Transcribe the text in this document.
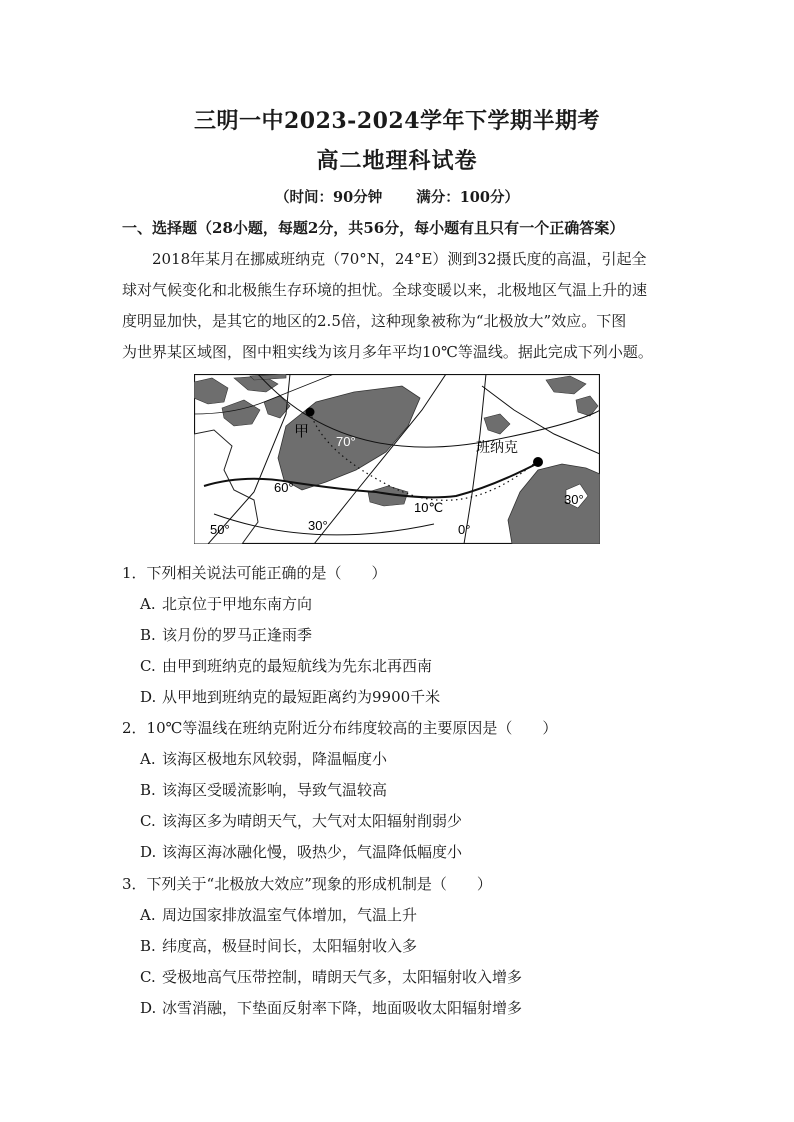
三明一中2023-2024学年下学期半期考
高二地理科试卷
（时间：90分钟 满分：100分）
一、选择题（28小题，每题2分，共56分，每小题有且只有一个正确答案）
2018年某月在挪威班纳克（70°N，24°E）测到32摄氏度的高温，引起全
球对气候变化和北极熊生存环境的担忧。全球变暖以来，北极地区气温上升的速
度明显加快，是其它的地区的2.5倍，这种现象被称为“北极放大”效应。下图
为世界某区域图，图中粗实线为该月多年平均10℃等温线。据此完成下列小题。
甲
70°	班纳克
60°
10℃
30°
50°	30°	0°
1．下列相关说法可能正确的是（　　）
A. 北京位于甲地东南方向
B. 该月份的罗马正逢雨季
C. 由甲到班纳克的最短航线为先东北再西南
D. 从甲地到班纳克的最短距离约为9900千米
2．10℃等温线在班纳克附近分布纬度较高的主要原因是（　　）
A. 该海区极地东风较弱，降温幅度小
B. 该海区受暖流影响，导致气温较高
C. 该海区多为晴朗天气，大气对太阳辐射削弱少
D. 该海区海冰融化慢，吸热少，气温降低幅度小
3．下列关于“北极放大效应”现象的形成机制是（　　）
A. 周边国家排放温室气体增加，气温上升
B. 纬度高，极昼时间长，太阳辐射收入多
C. 受极地高气压带控制，晴朗天气多，太阳辐射收入增多
D. 冰雪消融，下垫面反射率下降，地面吸收太阳辐射增多
